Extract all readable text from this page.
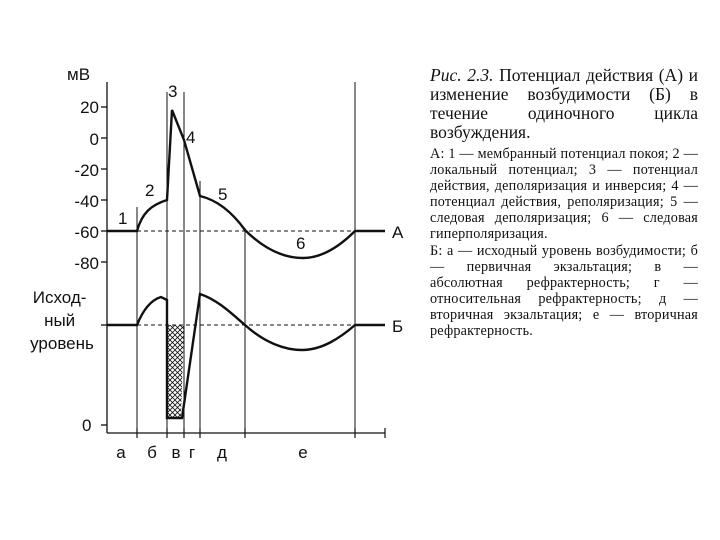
мВ
20
0
-20
-40
-60
-80
Исход- ный уровень
0
А
Б
1
2
3
4
5
6
а б в г д	е

Рис. 2.3. Потенциал действия (А) и изменение возбудимости (Б) в течение одиночного цикла возбуждения.

А: 1 — мембранный потенциал покоя; 2 — локальный потенциал; 3 — потенциал действия, деполяризация и инверсия; 4 — потенциал действия, реполяризация; 5 — следовая деполяризация; 6 — следовая гиперполяризация.

Б: а — исходный уровень возбудимости; б — первичная экзальтация; в — абсолютная рефрактерность; г — относительная рефрактерность; д — вторичная экзальтация; е — вторичная рефрактерность.
